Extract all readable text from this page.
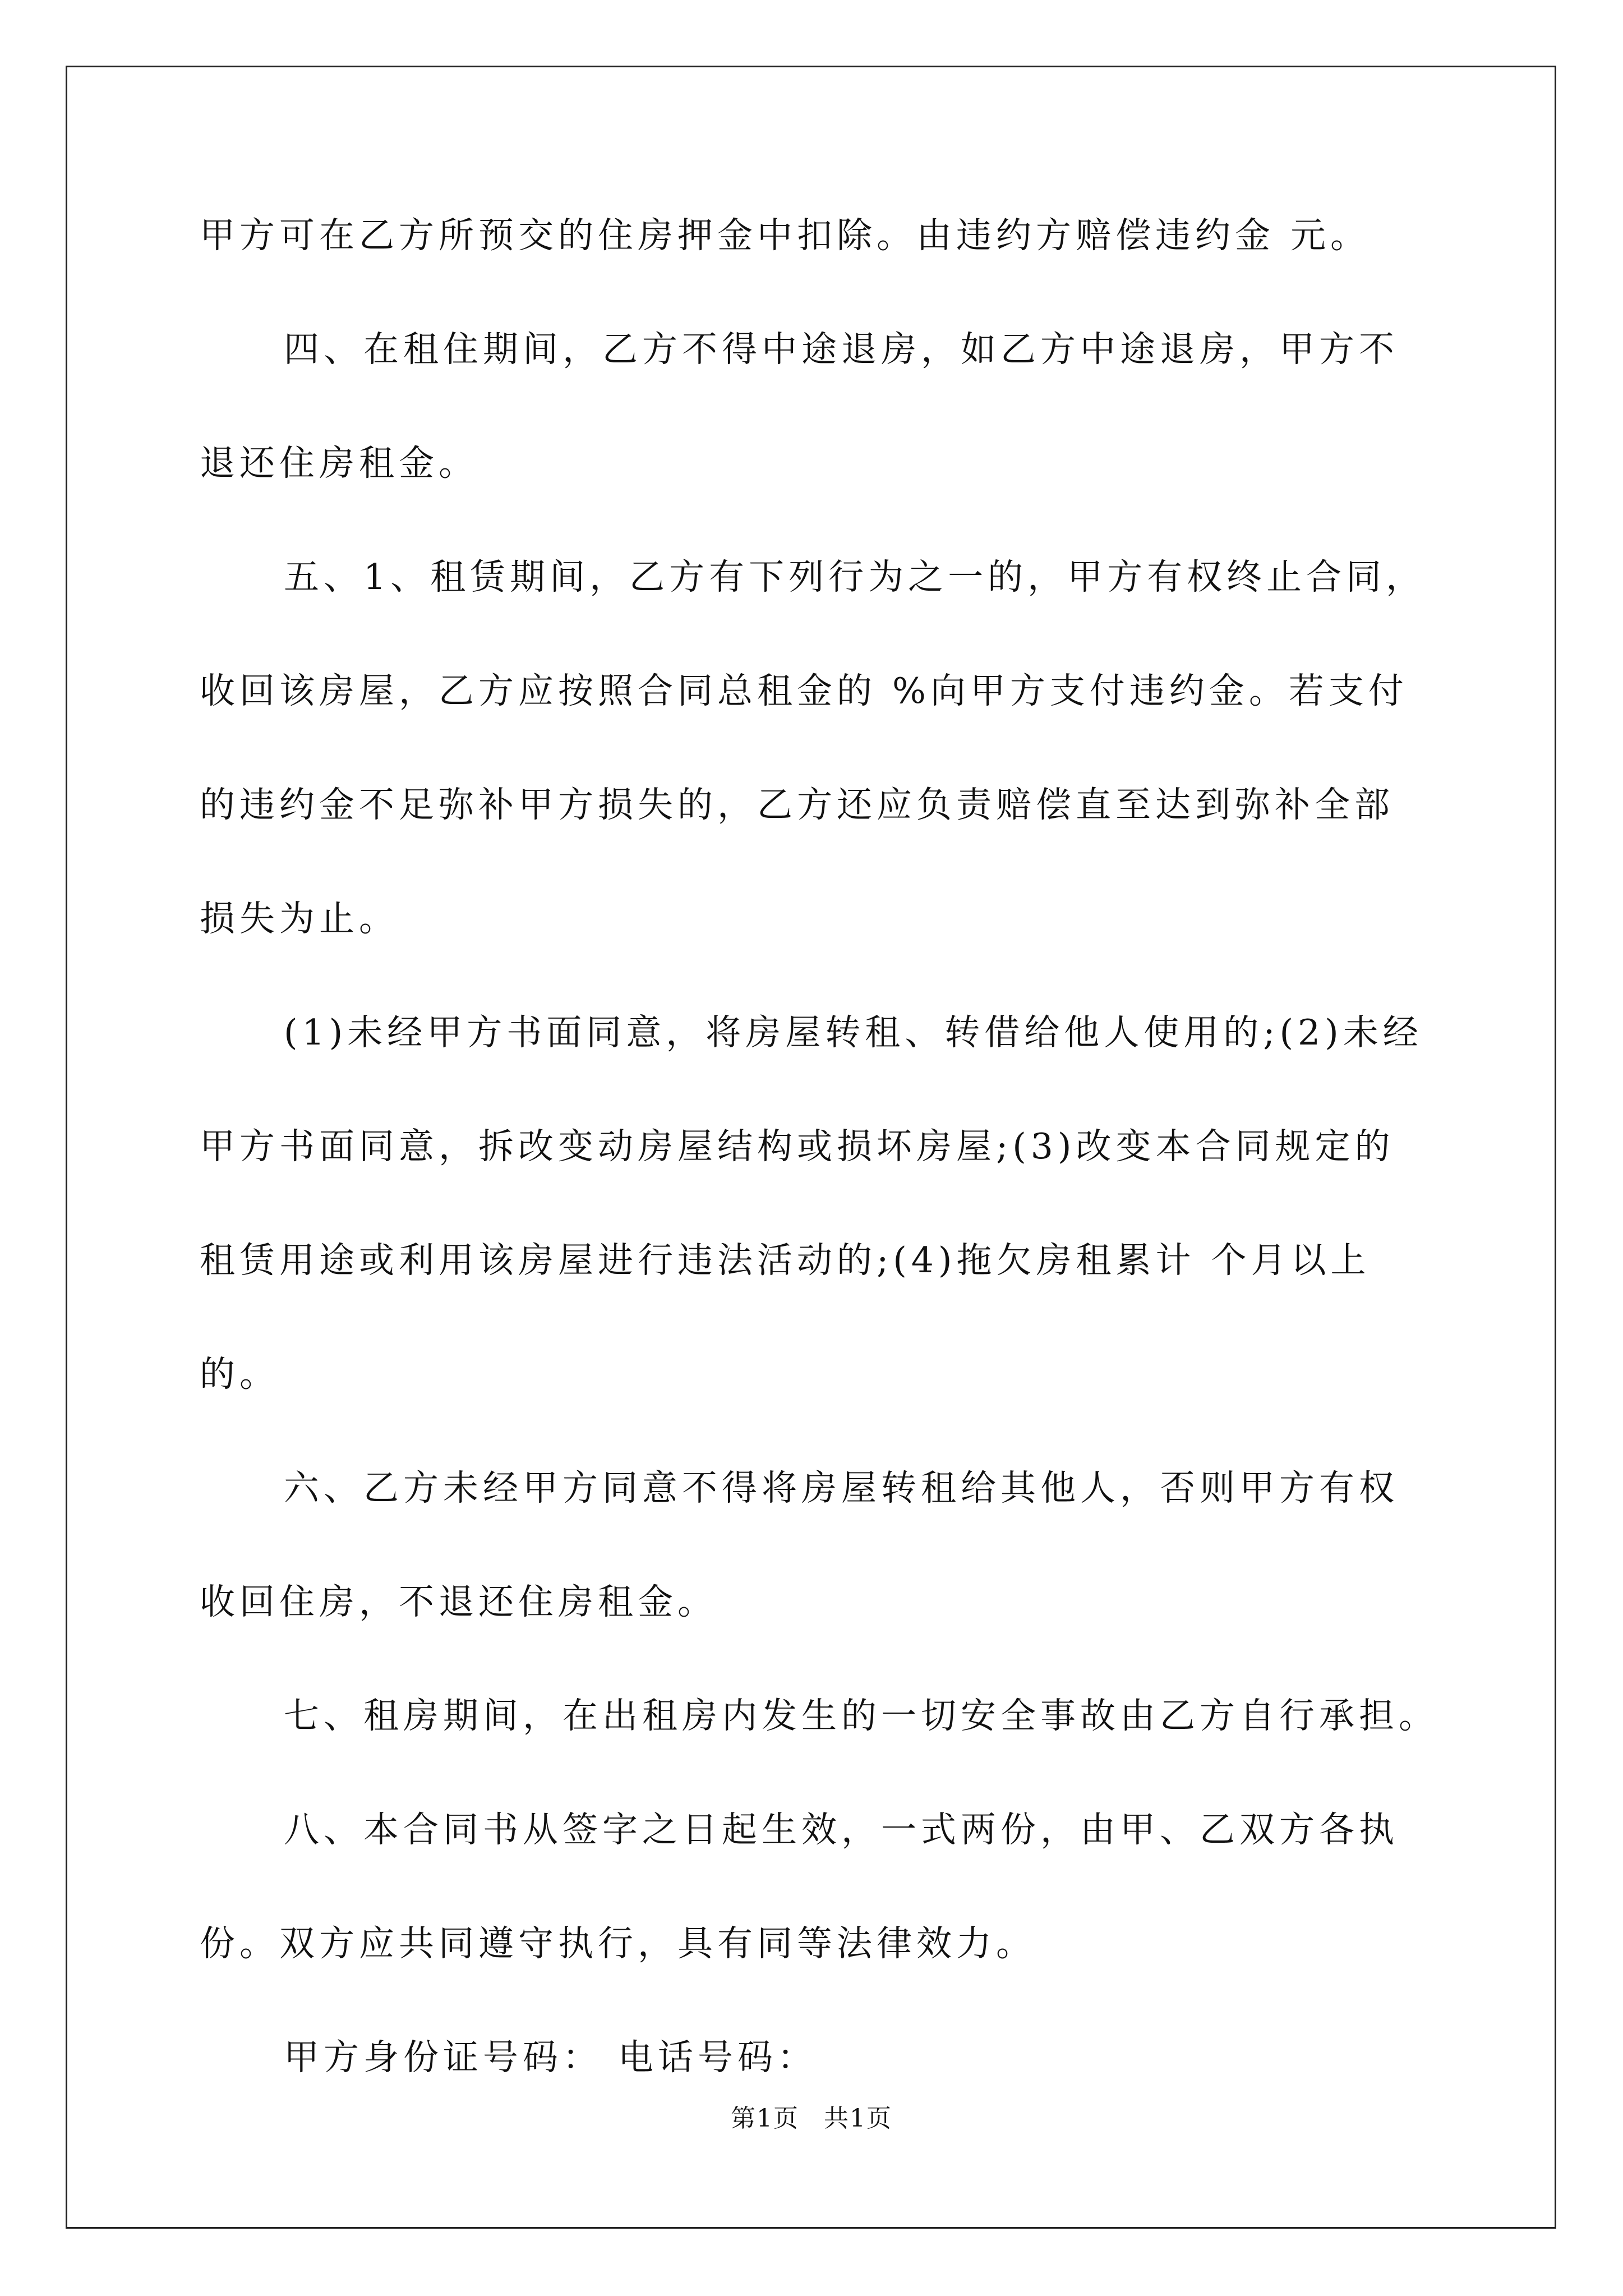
甲方可在乙方所预交的住房押金中扣除。由违约方赔偿违约金 元。
四、在租住期间，乙方不得中途退房，如乙方中途退房，甲方不
退还住房租金。
五、1、租赁期间，乙方有下列行为之一的，甲方有权终止合同，
收回该房屋，乙方应按照合同总租金的 %向甲方支付违约金。若支付
的违约金不足弥补甲方损失的，乙方还应负责赔偿直至达到弥补全部
损失为止。
(1)未经甲方书面同意，将房屋转租、转借给他人使用的;(2)未经
甲方书面同意，拆改变动房屋结构或损坏房屋;(3)改变本合同规定的
租赁用途或利用该房屋进行违法活动的;(4)拖欠房租累计 个月以上
的。
六、乙方未经甲方同意不得将房屋转租给其他人，否则甲方有权
收回住房，不退还住房租金。
七、租房期间，在出租房内发生的一切安全事故由乙方自行承担。
八、本合同书从签字之日起生效，一式两份，由甲、乙双方各执
份。双方应共同遵守执行，具有同等法律效力。
甲方身份证号码： 电话号码：
第1页 共1页
